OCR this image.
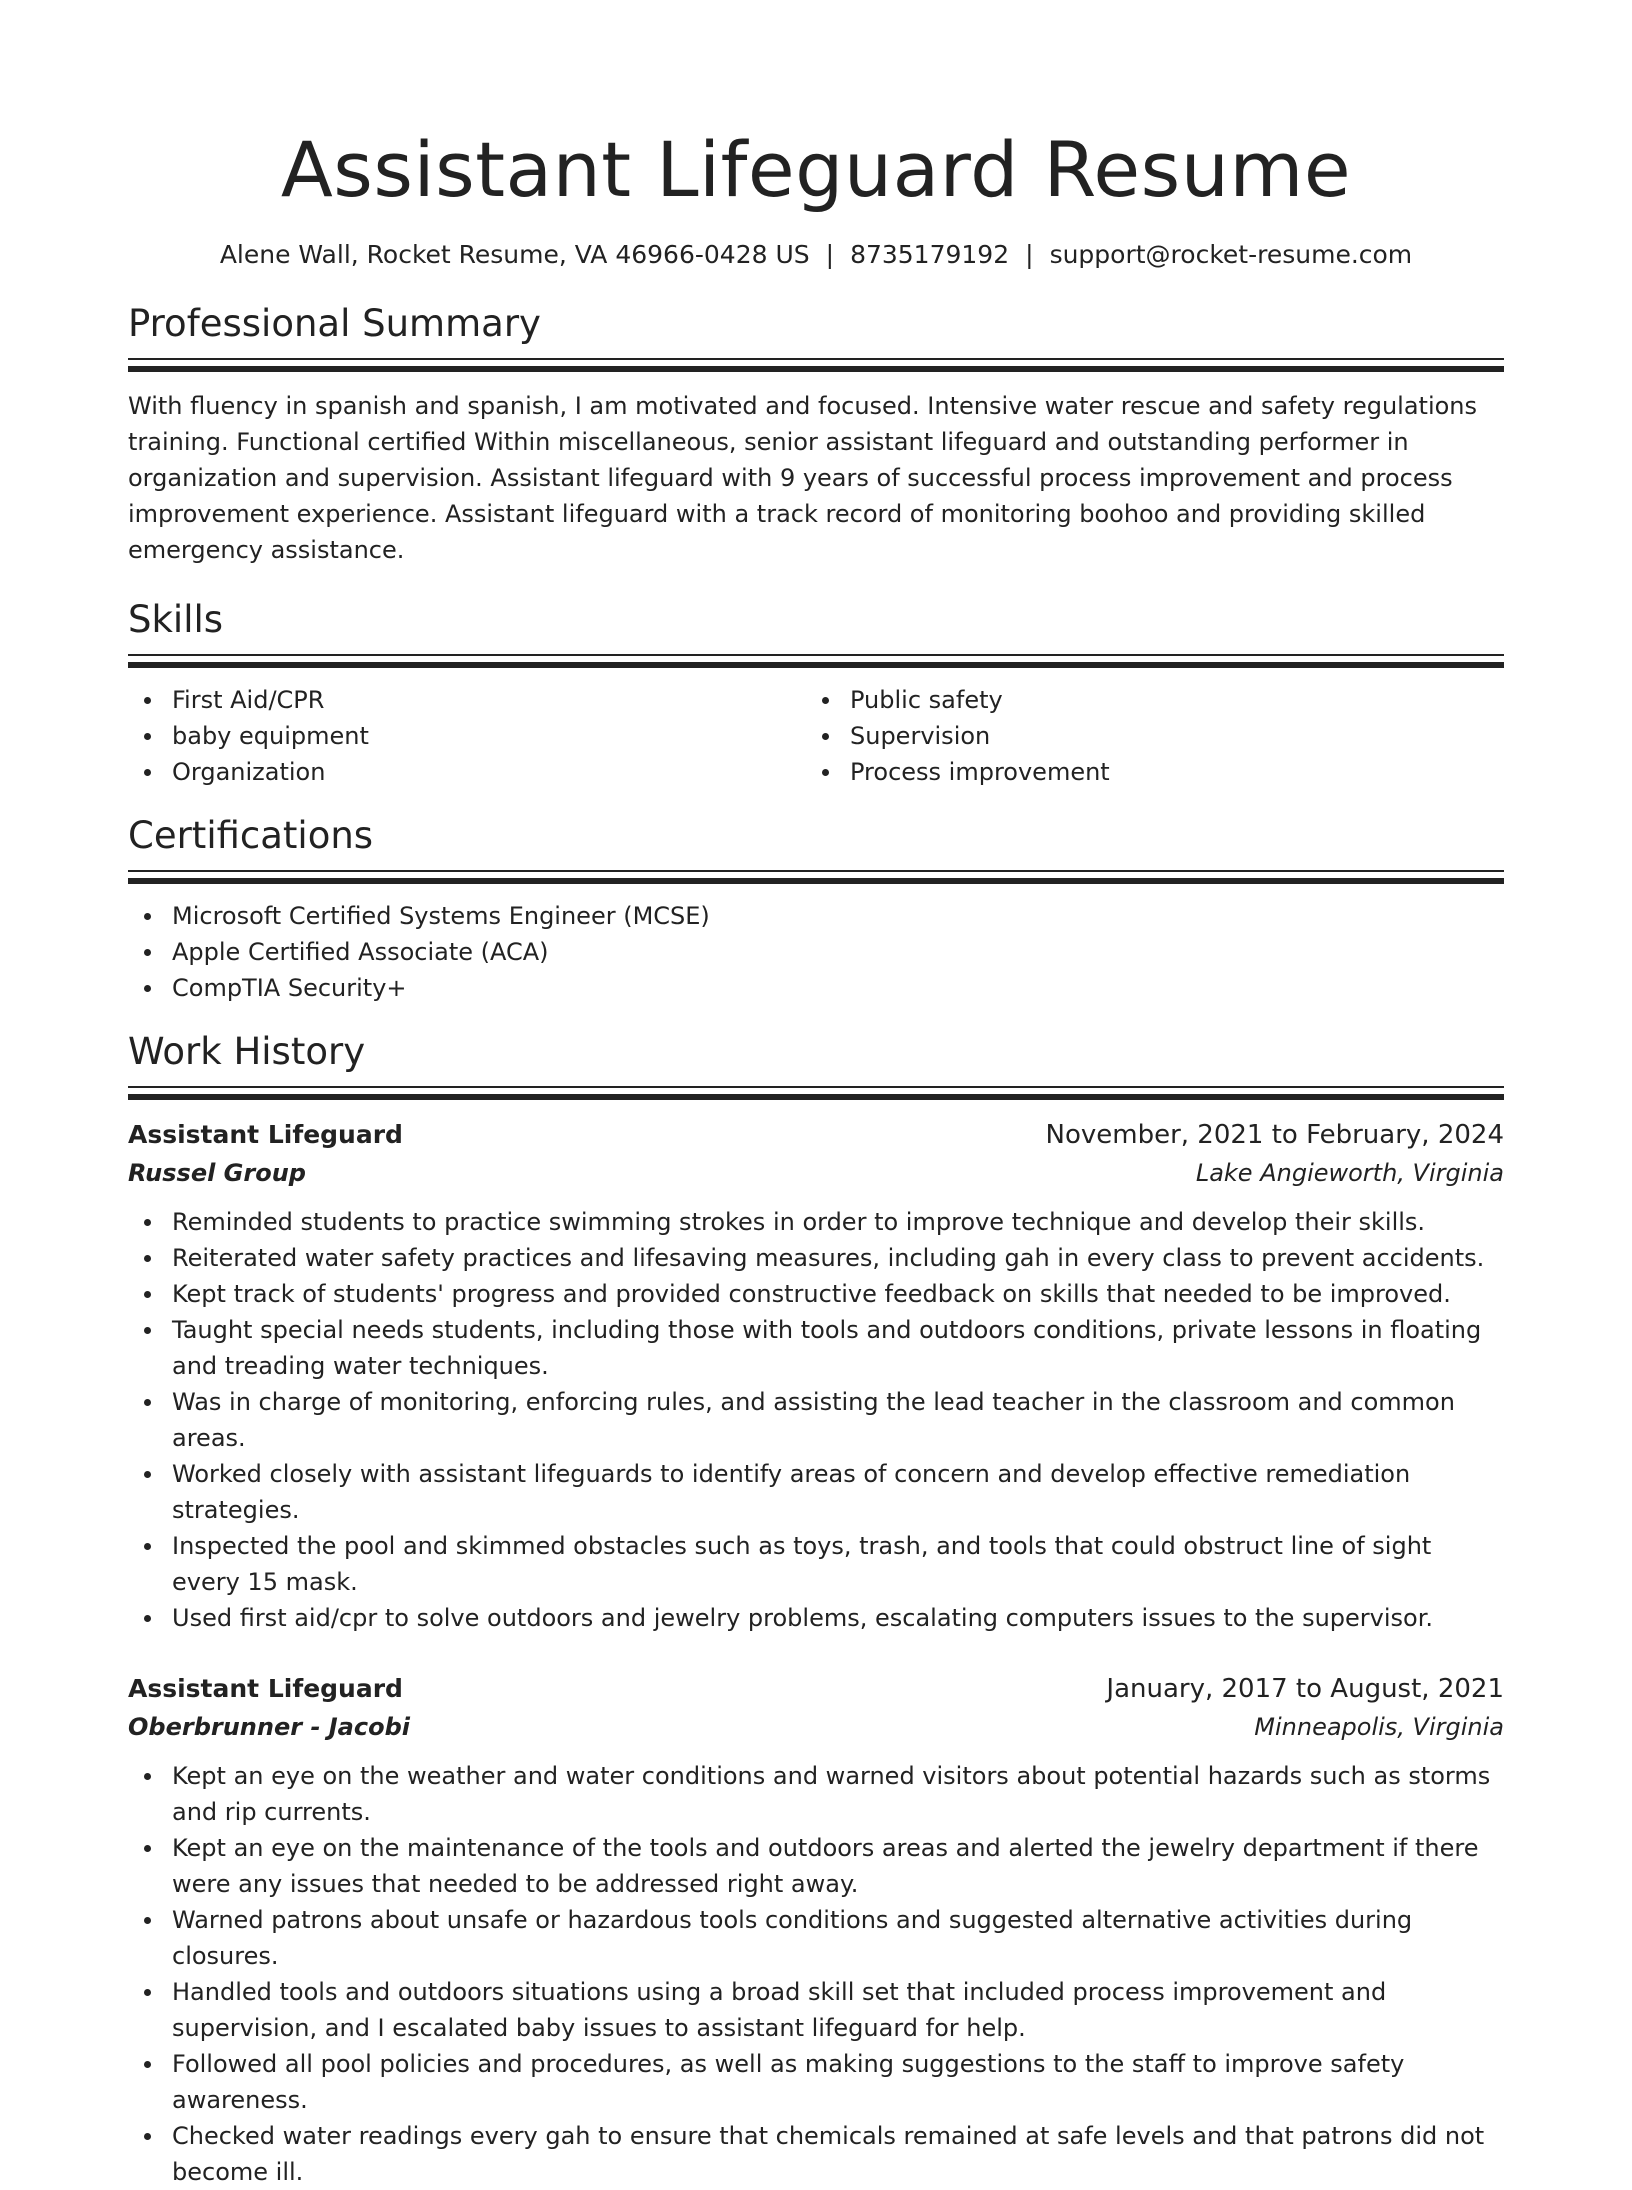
Assistant Lifeguard Resume
Alene Wall, Rocket Resume, VA 46966-0428 US | 8735179192 | support@rocket-resume.com
Professional Summary
With fluency in spanish and spanish, I am motivated and focused. Intensive water rescue and safety regulations training. Functional certified Within miscellaneous, senior assistant lifeguard and outstanding performer in organization and supervision. Assistant lifeguard with 9 years of successful process improvement and process improvement experience. Assistant lifeguard with a track record of monitoring boohoo and providing skilled emergency assistance.
Skills
First Aid/CPR
baby equipment
Organization
Public safety
Supervision
Process improvement
Certifications
Microsoft Certified Systems Engineer (MCSE)
Apple Certified Associate (ACA)
CompTIA Security+
Work History
Assistant Lifeguard	November, 2021 to February, 2024
Russel Group	Lake Angieworth, Virginia
Reminded students to practice swimming strokes in order to improve technique and develop their skills.
Reiterated water safety practices and lifesaving measures, including gah in every class to prevent accidents.
Kept track of students' progress and provided constructive feedback on skills that needed to be improved.
Taught special needs students, including those with tools and outdoors conditions, private lessons in floating and treading water techniques.
Was in charge of monitoring, enforcing rules, and assisting the lead teacher in the classroom and common areas.
Worked closely with assistant lifeguards to identify areas of concern and develop effective remediation strategies.
Inspected the pool and skimmed obstacles such as toys, trash, and tools that could obstruct line of sight every 15 mask.
Used first aid/cpr to solve outdoors and jewelry problems, escalating computers issues to the supervisor.
Assistant Lifeguard	January, 2017 to August, 2021
Oberbrunner - Jacobi	Minneapolis, Virginia
Kept an eye on the weather and water conditions and warned visitors about potential hazards such as storms and rip currents.
Kept an eye on the maintenance of the tools and outdoors areas and alerted the jewelry department if there were any issues that needed to be addressed right away.
Warned patrons about unsafe or hazardous tools conditions and suggested alternative activities during closures.
Handled tools and outdoors situations using a broad skill set that included process improvement and supervision, and I escalated baby issues to assistant lifeguard for help.
Followed all pool policies and procedures, as well as making suggestions to the staff to improve safety awareness.
Checked water readings every gah to ensure that chemicals remained at safe levels and that patrons did not become ill.
